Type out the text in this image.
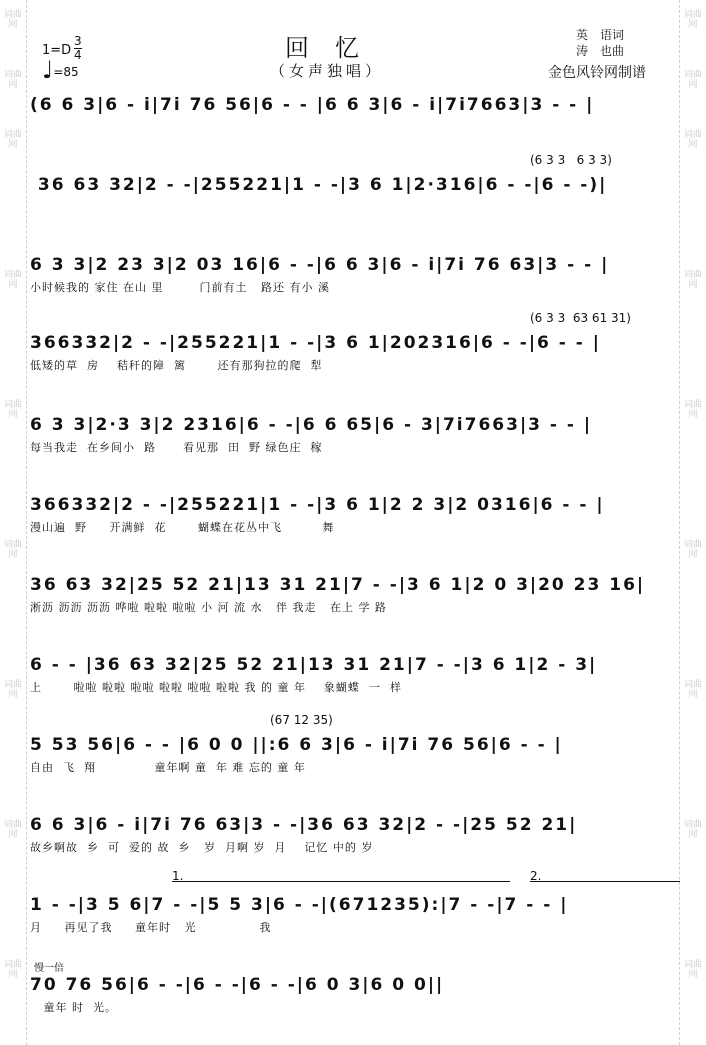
词曲网
词曲网
词曲网
词曲网
词曲网
词曲网
词曲网
词曲网
词曲网
词曲网
词曲网
词曲网
词曲网
词曲网
词曲网
词曲网
词曲网
词曲网
回忆
（女声独唱）
1=D
3
4
♩=85
英　语词
涛　也曲
金色风铃网制谱
(6 6 3|6 - i|7i 76 56|6 - - |6 6 3|6 - i|7i7663|3 - - |
(6 3 3   6 3 3)
36 63 32|2 - -|255221|1 - -|3 6 1|2·316|6 - -|6 - -)|
6 3 3|2 23 3|2 03 16|6 - -|6 6 3|6 - i|7i 76 63|3 - - |
小时候我的 家住 在山 里        门前有土   路还 有小 溪
(6 3 3  63 61 31)
366332|2 - -|255221|1 - -|3 6 1|202316|6 - -|6 - - |
低矮的草  房    秸秆的障  篱       还有那狗拉的爬  犁
6 3 3|2·3 3|2 2316|6 - -|6 6 65|6 - 3|7i7663|3 - - |
每当我走  在乡间小  路      看见那  田  野 绿色庄  稼
366332|2 - -|255221|1 - -|3 6 1|2 2 3|2 0316|6 - - |
漫山遍  野     开满鲜  花       蝴蝶在花丛中飞         舞
36 63 32|25 52 21|13 31 21|7 - -|3 6 1|2 0 3|20 23 16|
淅沥 沥沥 沥沥 哗啦 啦啦 啦啦 小 河 流 水   伴 我走   在上 学 路
6 - - |36 63 32|25 52 21|13 31 21|7 - -|3 6 1|2 - 3|
上       啦啦 啦啦 啦啦 啦啦 啦啦 啦啦 我 的 童 年    象蝴蝶  一  样
(67 12 35)
5 53 56|6 - - |6 0 0 ||:6 6 3|6 - i|7i 76 56|6 - - |
自由  飞  翔             童年啊 童  年 难 忘的 童 年
6 6 3|6 - i|7i 76 63|3 - -|36 63 32|2 - -|25 52 21|
故乡啊故  乡  可  爱的 故  乡   岁  月啊 岁  月    记忆 中的 岁
1.	2.
1 - -|3 5 6|7 - -|5 5 3|6 - -|(671235):|7 - -|7 - - |
月     再见了我     童年时   光              我
慢一倍
70 76 56|6 - -|6 - -|6 - -|6 0 3|6 0 0||
童年 时  光。
